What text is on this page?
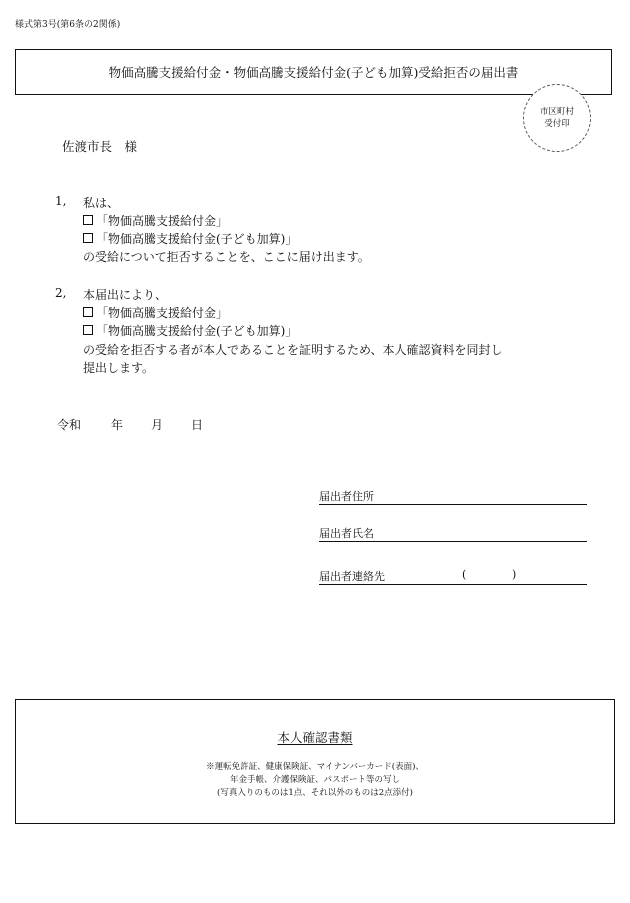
様式第3号(第6条の2関係)
物価高騰支援給付金・物価高騰支援給付金(子ども加算)受給拒否の届出書
市区町村
受付印
佐渡市長　様
1, 私は、
「物価高騰支援給付金」
「物価高騰支援給付金(子ども加算)」
の受給について拒否することを、ここに届け出ます。
2, 本届出により、
「物価高騰支援給付金」
「物価高騰支援給付金(子ども加算)」
の受給を拒否する者が本人であることを証明するため、本人確認資料を同封し
提出します。
令和	年	月	日
届出者住所
届出者氏名
届出者連絡先	(	)
本人確認書類
※運転免許証、健康保険証、マイナンバーカード(表面)、
年金手帳、介護保険証、パスポート等の写し
(写真入りのものは1点、それ以外のものは2点添付)
